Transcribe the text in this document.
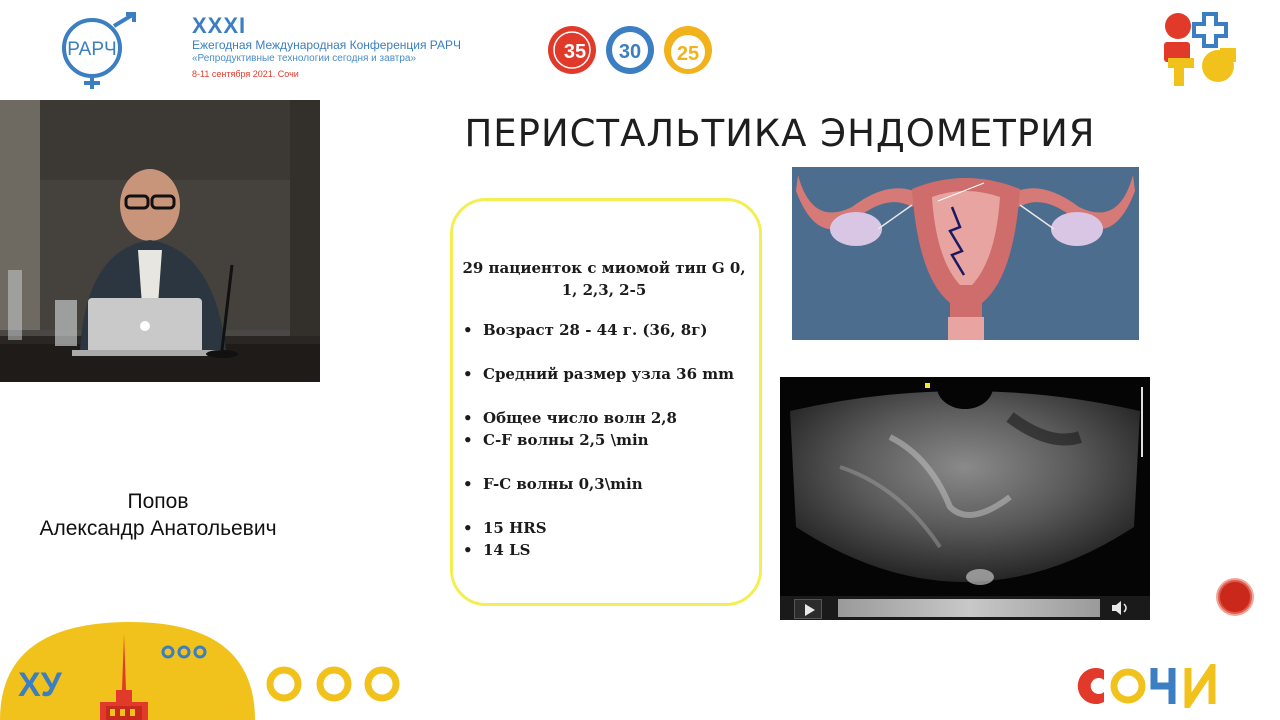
РАРЧ
XXXI
Ежегодная Международная Конференция РАРЧ
«Репродуктивные технологии сегодня и завтра»
8-11 сентября 2021. Сочи
35 30 25
Попов
Александр Анатольевич
ПЕРИСТАЛЬТИКА ЭНДОМЕТРИЯ
29 пациенток с миомой тип G 0,
1, 2,3, 2-5
• Возраст 28 - 44 г. (36, 8г)
• Средний размер узла 36 mm
• Общее число волн 2,8
• C-F волны 2,5 \min
• F-C волны 0,3\min
• 15 HRS
• 14 LS
ХУ
СОЧИ
